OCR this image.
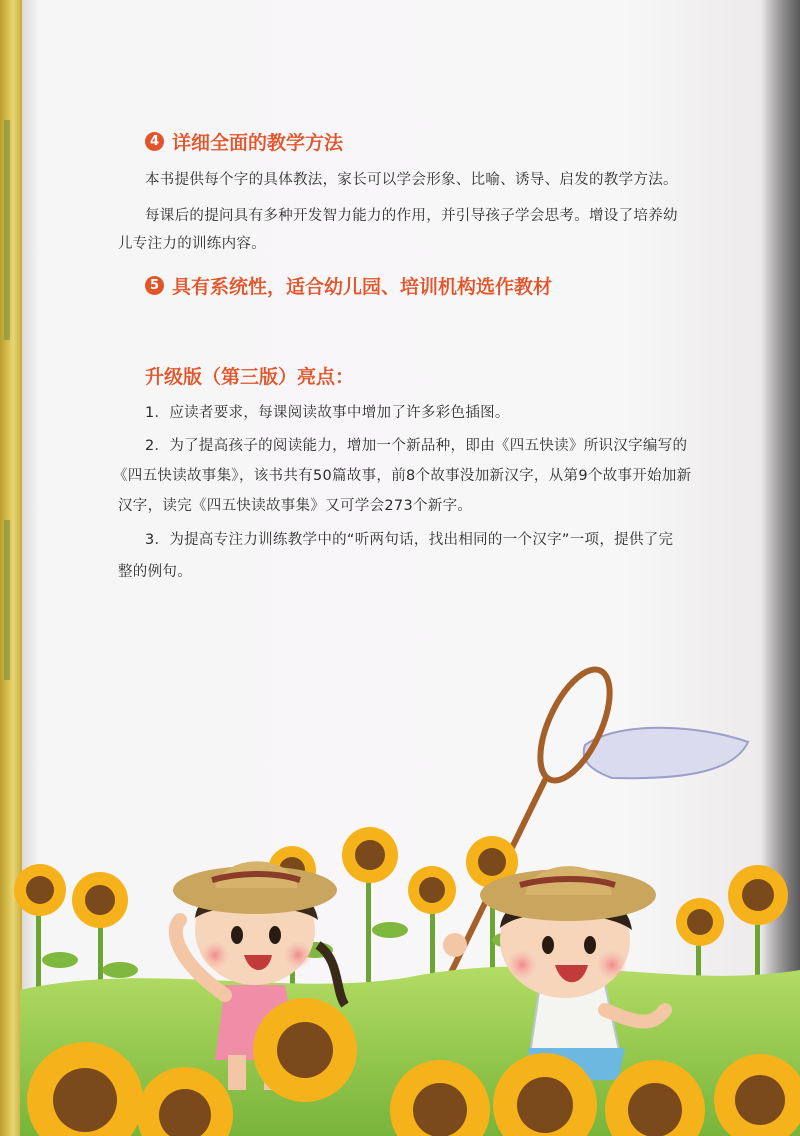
4 详细全面的教学方法
本书提供每个字的具体教法，家长可以学会形象、比喻、诱导、启发的教学方法。
每课后的提问具有多种开发智力能力的作用，并引导孩子学会思考。增设了培养幼
儿专注力的训练内容。
5 具有系统性，适合幼儿园、培训机构选作教材
升级版（第三版）亮点：
1．应读者要求，每课阅读故事中增加了许多彩色插图。
2．为了提高孩子的阅读能力，增加一个新品种，即由《四五快读》所识汉字编写的
《四五快读故事集》，该书共有50篇故事，前8个故事没加新汉字，从第9个故事开始加新
汉字，读完《四五快读故事集》又可学会273个新字。
3．为提高专注力训练教学中的“听两句话，找出相同的一个汉字”一项，提供了完
整的例句。
